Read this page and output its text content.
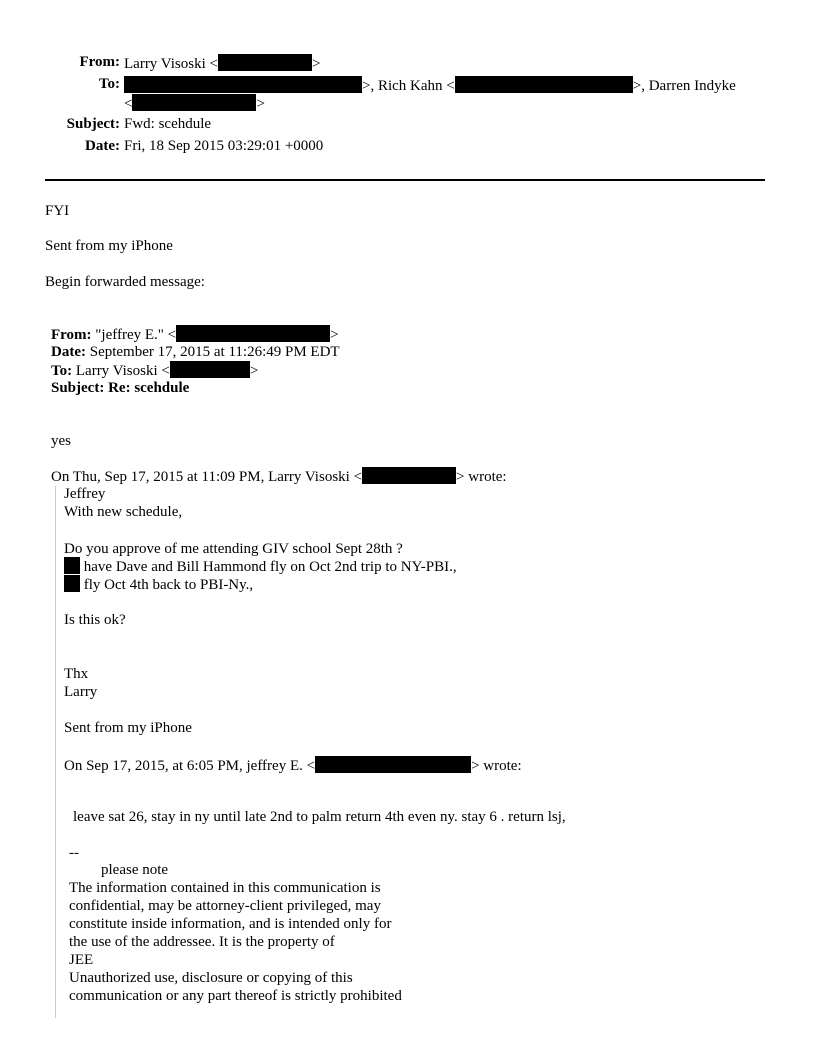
From: Larry Visoski <	>
To:	>, Rich Kahn <	>, Darren Indyke
<	>
Subject: Fwd: scehdule
Date: Fri, 18 Sep 2015 03:29:01 +0000
FYI
Sent from my iPhone
Begin forwarded message:
From: "jeffrey E." <	>
Date: September 17, 2015 at 11:26:49 PM EDT
To: Larry Visoski <	>
Subject: Re: scehdule
yes
On Thu, Sep 17, 2015 at 11:09 PM, Larry Visoski <	> wrote:
Jeffrey
With new schedule,
Do you approve of me attending GIV school Sept 28th ?
have Dave and Bill Hammond fly on Oct 2nd trip to NY-PBI.,
fly Oct 4th back to PBI-Ny.,
Is this ok?
Thx
Larry
Sent from my iPhone
On Sep 17, 2015, at 6:05 PM, jeffrey E. <	> wrote:
leave sat 26, stay in ny until late 2nd to palm return 4th even ny. stay 6 . return lsj,
--
please note
The information contained in this communication is
confidential, may be attorney-client privileged, may
constitute inside information, and is intended only for
the use of the addressee. It is the property of
JEE
Unauthorized use, disclosure or copying of this
communication or any part thereof is strictly prohibited
